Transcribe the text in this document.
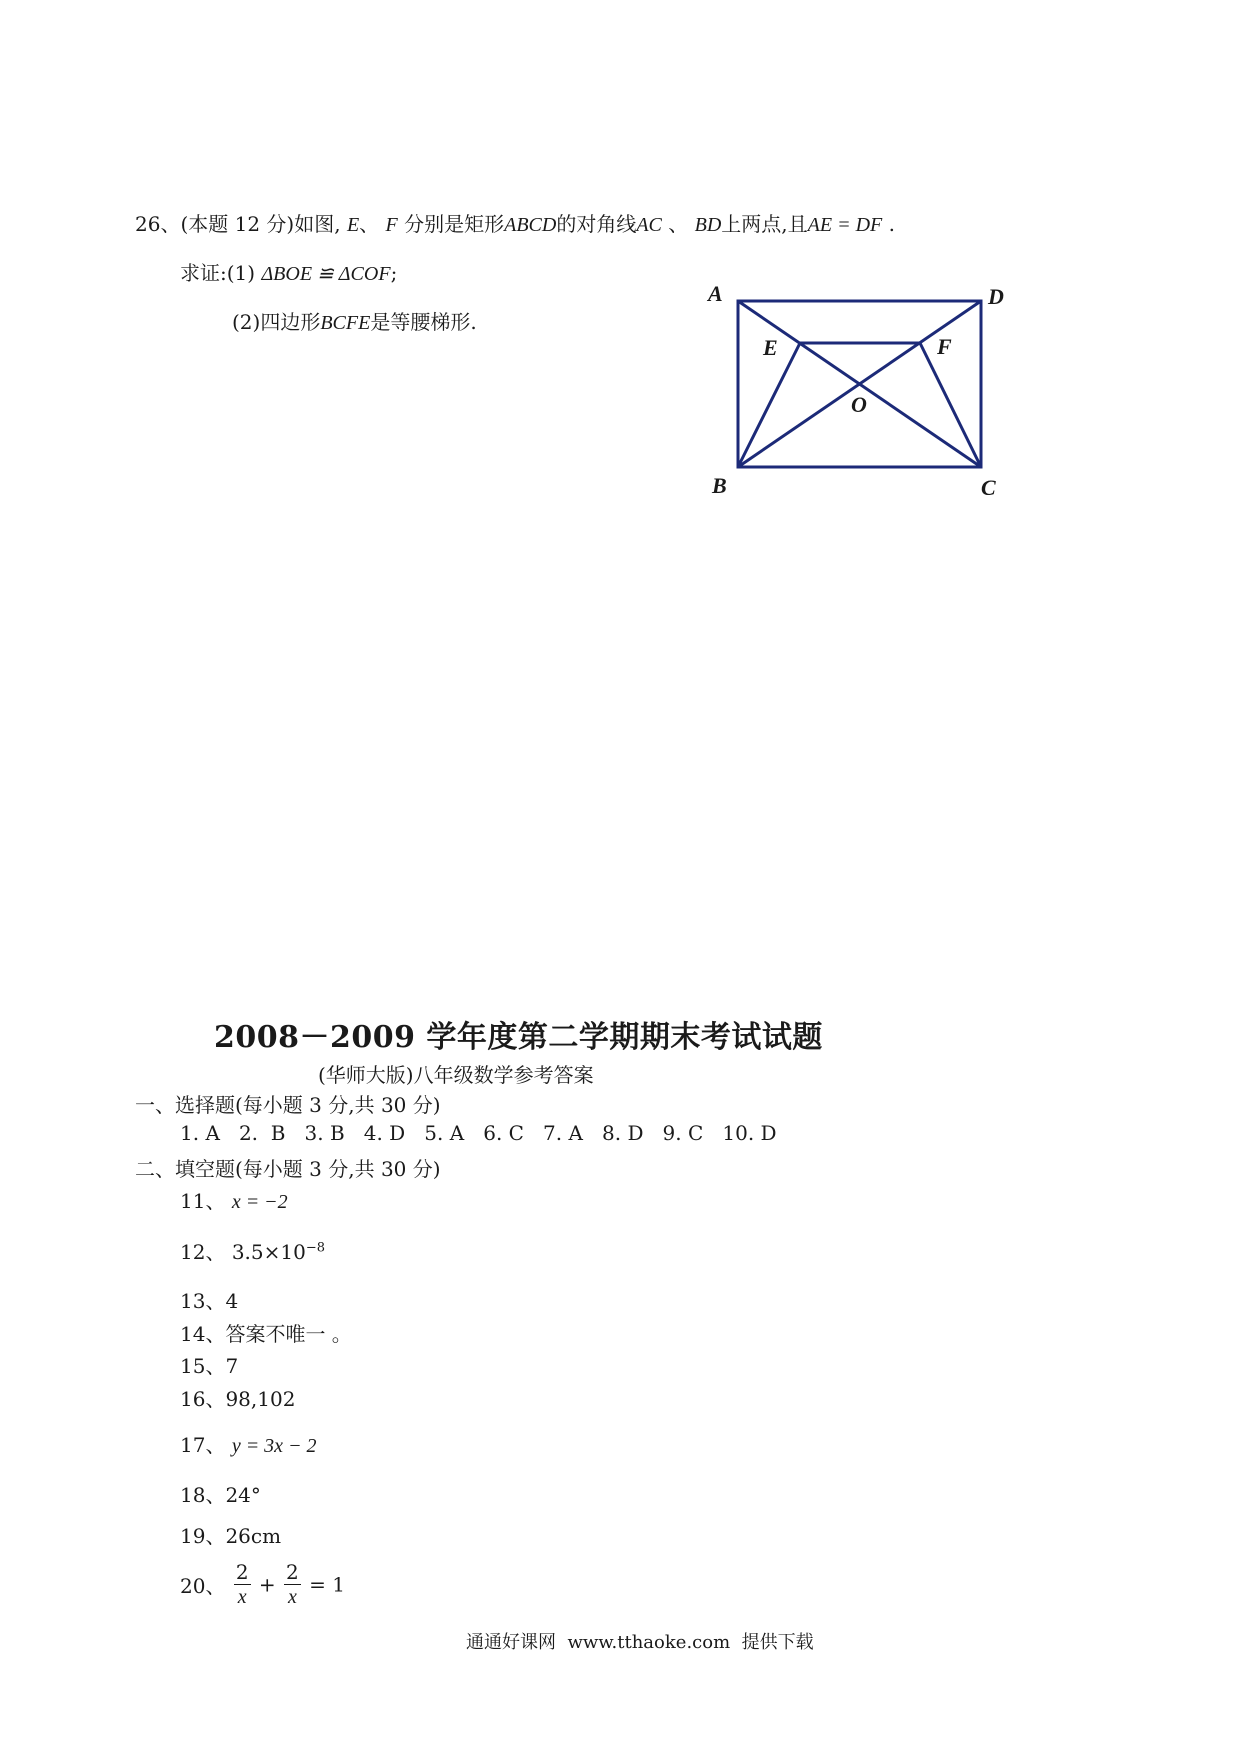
26、(本题 12 分)如图, E、 F 分别是矩形ABCD的对角线AC 、 BD上两点,且AE = DF .
求证:(1) ΔBOE ≌ ΔCOF;
(2)四边形BCFE是等腰梯形.
A	D
E	F
O
B	C
2008－2009 学年度第二学期期末考试试题
(华师大版)八年级数学参考答案
一、选择题(每小题 3 分,共 30 分)
1. A   2.  B   3. B   4. D   5. A   6. C   7. A   8. D   9. C   10. D
二、填空题(每小题 3 分,共 30 分)
11、 x = −2
12、 $3.5\times 10^{-8}$
13、4
14、答案不唯一 。
15、7
16、98,102
17、 y = 3x − 2
18、24°
19、26cm
20、 $\frac{2}{x} + \frac{2}{x} = 1$
通通好课网  www.tthaoke.com  提供下载
